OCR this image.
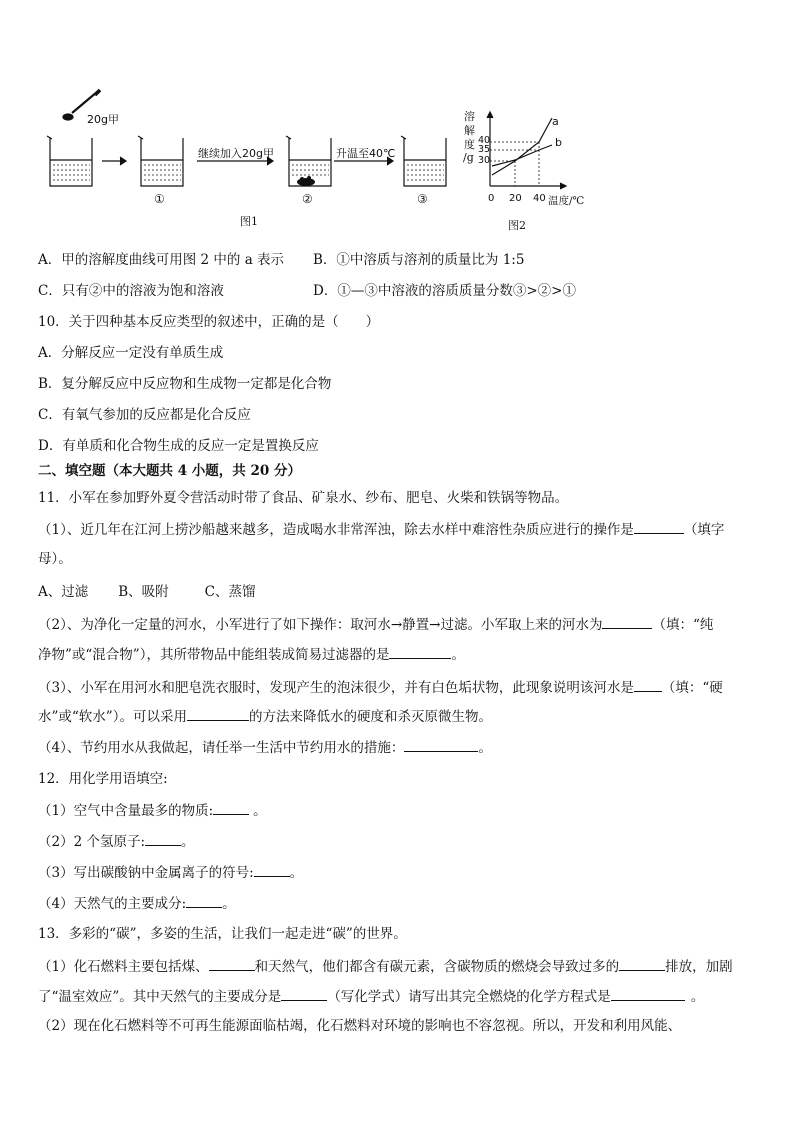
20g甲
继续加入20g甲	升温至40℃
①	②	③
图1	图2
溶
解
度
/g
40
35
30
0 20 40 温度/℃
a
b
A．甲的溶解度曲线可用图 2 中的 a 表示 B．①中溶质与溶剂的质量比为 1:5
C．只有②中的溶液为饱和溶液	D．①—③中溶液的溶质质量分数③>②>①
10．关于四种基本反应类型的叙述中，正确的是（　　）
A．分解反应一定没有单质生成
B．复分解反应中反应物和生成物一定都是化合物
C．有氧气参加的反应都是化合反应
D．有单质和化合物生成的反应一定是置换反应
二、填空题（本大题共 4 小题，共 20 分）
11．小军在参加野外夏令营活动时带了食品、矿泉水、纱布、肥皂、火柴和铁锅等物品。
（1）、近几年在江河上捞沙船越来越多，造成喝水非常浑浊，除去水样中难溶性杂质应进行的操作是	（填字
母）。
A、过滤 B、吸附	C、蒸馏
（2）、为净化一定量的河水，小军进行了如下操作：取河水→静置→过滤。小军取上来的河水为	（填：“纯
净物”或“混合物”），其所带物品中能组装成简易过滤器的是	。
（3）、小军在用河水和肥皂洗衣服时，发现产生的泡沫很少，并有白色垢状物，此现象说明该河水是 （填：“硬
水”或“软水”）。可以采用	的方法来降低水的硬度和杀灭原微生物。
（4）、节约用水从我做起，请任举一生活中节约用水的措施：	。
12．用化学用语填空:
（1）空气中含量最多的物质:	。
（2）2 个氢原子:	。
（3）写出碳酸钠中金属离子的符号:	。
（4）天然气的主要成分:	。
13．多彩的“碳”，多姿的生活，让我们一起走进“碳”的世界。
（1）化石燃料主要包括煤、	和天然气，他们都含有碳元素，含碳物质的燃烧会导致过多的	排放，加剧
了“温室效应”。其中天然气的主要成分是	（写化学式）请写出其完全燃烧的化学方程式是	。
（2）现在化石燃料等不可再生能源面临枯竭，化石燃料对环境的影响也不容忽视。所以，开发和利用风能、
